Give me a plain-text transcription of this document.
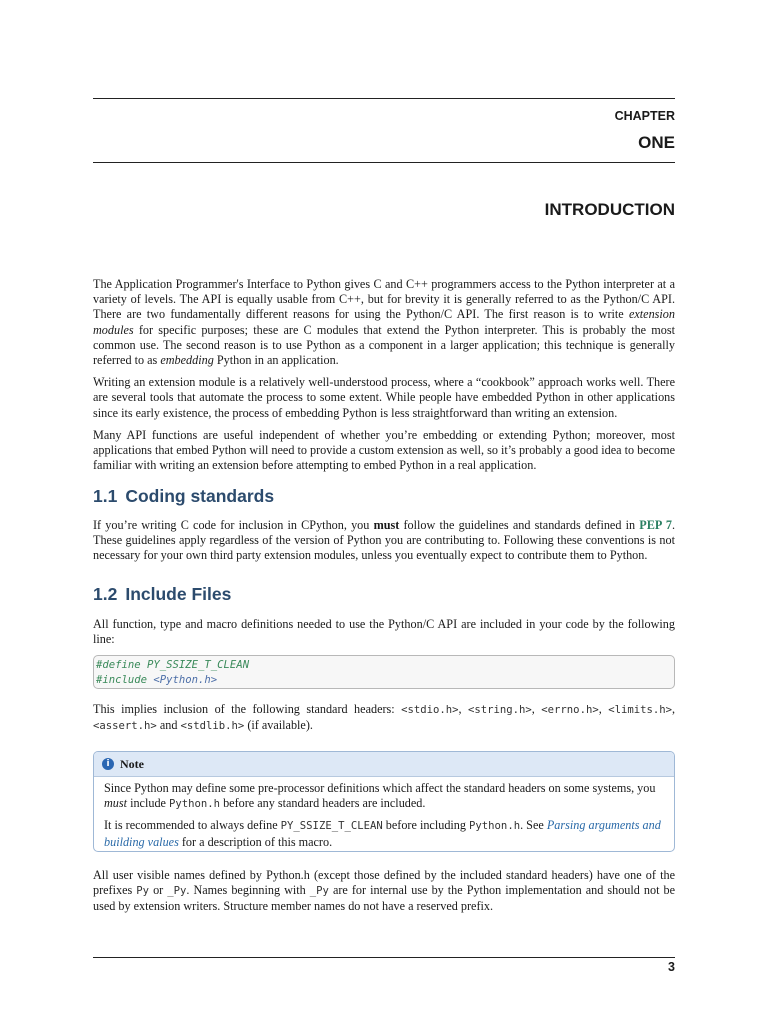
CHAPTER
ONE
INTRODUCTION

The Application Programmer's Interface to Python gives C and C++ programmers access to the Python interpreter at a variety of levels. The API is equally usable from C++, but for brevity it is generally referred to as the Python/C API. There are two fundamentally different reasons for using the Python/C API. The first reason is to write extension modules for specific purposes; these are C modules that extend the Python interpreter. This is probably the most common use. The second reason is to use Python as a component in a larger application; this technique is generally referred to as embedding Python in an application.

Writing an extension module is a relatively well-understood process, where a “cookbook” approach works well. There are several tools that automate the process to some extent. While people have embedded Python in other applications since its early existence, the process of embedding Python is less straightforward than writing an extension.

Many API functions are useful independent of whether you’re embedding or extending Python; moreover, most applications that embed Python will need to provide a custom extension as well, so it’s probably a good idea to become familiar with writing an extension before attempting to embed Python in a real application.

1.1 Coding standards

If you’re writing C code for inclusion in CPython, you must follow the guidelines and standards defined in PEP 7. These guidelines apply regardless of the version of Python you are contributing to. Following these conventions is not necessary for your own third party extension modules, unless you eventually expect to contribute them to Python.

1.2 Include Files

All function, type and macro definitions needed to use the Python/C API are included in your code by the following line:

#define PY_SSIZE_T_CLEAN
#include <Python.h>

This implies inclusion of the following standard headers: <stdio.h>, <string.h>, <errno.h>, <limits.h>, <assert.h> and <stdlib.h> (if available).

i Note

Since Python may define some pre-processor definitions which affect the standard headers on some systems, you must include Python.h before any standard headers are included.

It is recommended to always define PY_SSIZE_T_CLEAN before including Python.h. See Parsing arguments and building values for a description of this macro.

All user visible names defined by Python.h (except those defined by the included standard headers) have one of the prefixes Py or _Py. Names beginning with _Py are for internal use by the Python implementation and should not be used by extension writers. Structure member names do not have a reserved prefix.

3
